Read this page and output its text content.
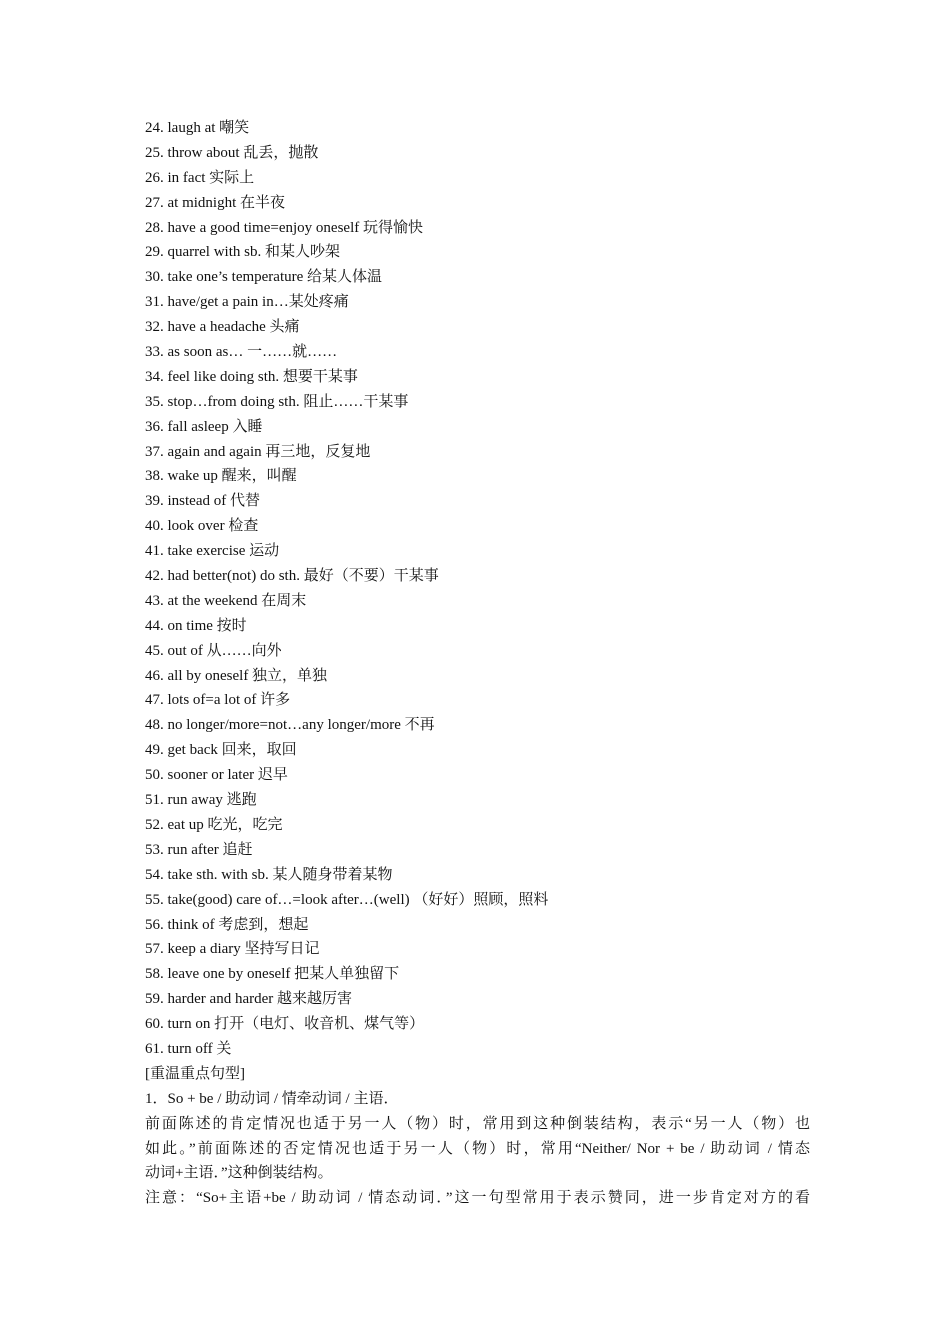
24. laugh at 嘲笑
25. throw about 乱丢，抛散
26. in fact 实际上
27. at midnight 在半夜
28. have a good time=enjoy oneself 玩得愉快
29. quarrel with sb. 和某人吵架
30. take one’s temperature 给某人体温
31. have/get a pain in…某处疼痛
32. have a headache 头痛
33. as soon as… 一……就……
34. feel like doing sth. 想要干某事
35. stop…from doing sth. 阻止……干某事
36. fall asleep 入睡
37. again and again 再三地，反复地
38. wake up 醒来，叫醒
39. instead of 代替
40. look over 检查
41. take exercise 运动
42. had better(not) do sth. 最好（不要）干某事
43. at the weekend 在周末
44. on time 按时
45. out of 从……向外
46. all by oneself 独立，单独
47. lots of=a lot of 许多
48. no longer/more=not…any longer/more 不再
49. get back 回来，取回
50. sooner or later 迟早
51. run away 逃跑
52. eat up 吃光，吃完
53. run after 追赶
54. take sth. with sb. 某人随身带着某物
55. take(good) care of…=look after…(well) （好好）照顾，照料
56. think of 考虑到，想起
57. keep a diary 坚持写日记
58. leave one by oneself 把某人单独留下
59. harder and harder 越来越厉害
60. turn on 打开（电灯、收音机、煤气等）
61. turn off 关
[重温重点句型]
1．So + be / 助动词 / 情牵动词 / 主语．
前面陈述的肯定情况也适于另一人（物）时，常用到这种倒装结构，表示“另一人（物）也
如此。”前面陈述的否定情况也适于另一人（物）时，常用“Neither/ Nor + be / 助动词 / 情态
动词+主语．”这种倒装结构。
注意：“So+主语+be / 助动词 / 情态动词．”这一句型常用于表示赞同，进一步肯定对方的看
